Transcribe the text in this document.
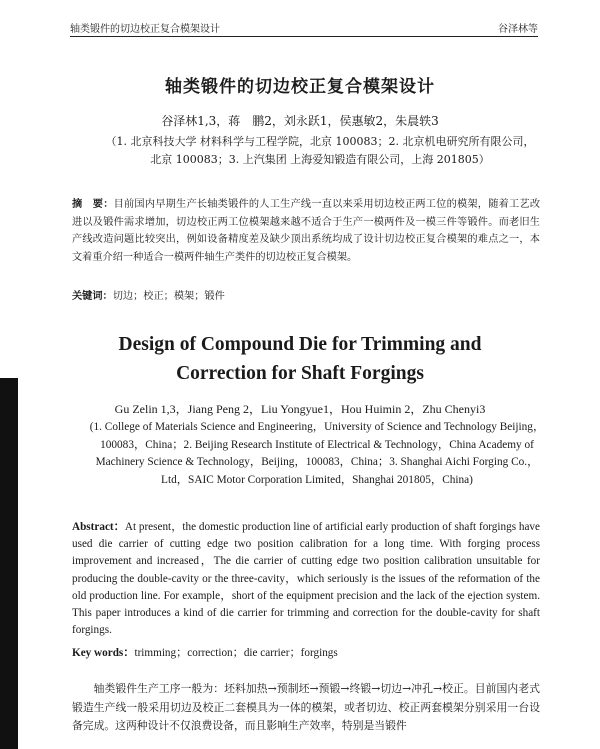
轴类锻件的切边校正复合模架设计	谷泽林等
轴类锻件的切边校正复合模架设计
谷泽林1,3，蒋　鹏2，刘永跃1，侯惠敏2，朱晨轶3
（1. 北京科技大学 材料科学与工程学院，北京 100083；2. 北京机电研究所有限公司，
北京 100083；3. 上汽集团 上海爱知锻造有限公司，上海 201805）
摘　要：目前国内早期生产长轴类锻件的人工生产线一直以来采用切边校正两工位的模架，随着工艺改进以及锻件需求增加，切边校正两工位模架越来越不适合于生产一模两件及一模三件等锻件。而老旧生产线改造问题比较突出，例如设备精度差及缺少顶出系统均成了设计切边校正复合模架的难点之一，本文着重介绍一种适合一模两件轴生产类件的切边校正复合模架。
关键词：切边；校正；模架；锻件
Design of Compound Die for Trimming and
Correction for Shaft Forgings
Gu Zelin 1,3，Jiang Peng 2，Liu Yongyue1，Hou Huimin 2，Zhu Chenyi3
(1. College of Materials Science and Engineering，University of Science and Technology Beijing，100083，China；2. Beijing Research Institute of Electrical & Technology，China Academy of Machinery Science & Technology，Beijing，100083，China；3. Shanghai Aichi Forging Co.，Ltd，SAIC Motor Corporation Limited，Shanghai 201805，China)
Abstract：At present，the domestic production line of artificial early production of shaft forgings have used die carrier of cutting edge two position calibration for a long time. With forging process improvement and increased，The die carrier of cutting edge two position calibration unsuitable for producing the double-cavity or the three-cavity，which seriously is the issues of the reformation of the old production line. For example，short of the equipment precision and the lack of the ejection system. This paper introduces a kind of die carrier for trimming and correction for the double-cavity for shaft forgings.
Key words：trimming；correction；die carrier；forgings
轴类锻件生产工序一般为：坯料加热→预制坯→预锻→终锻→切边→冲孔→校正。目前国内老式锻造生产线一般采用切边及校正二套模具为一体的模架，或者切边、校正两套模架分别采用一台设备完成。这两种设计不仅浪费设备，而且影响生产效率，特别是当锻件
